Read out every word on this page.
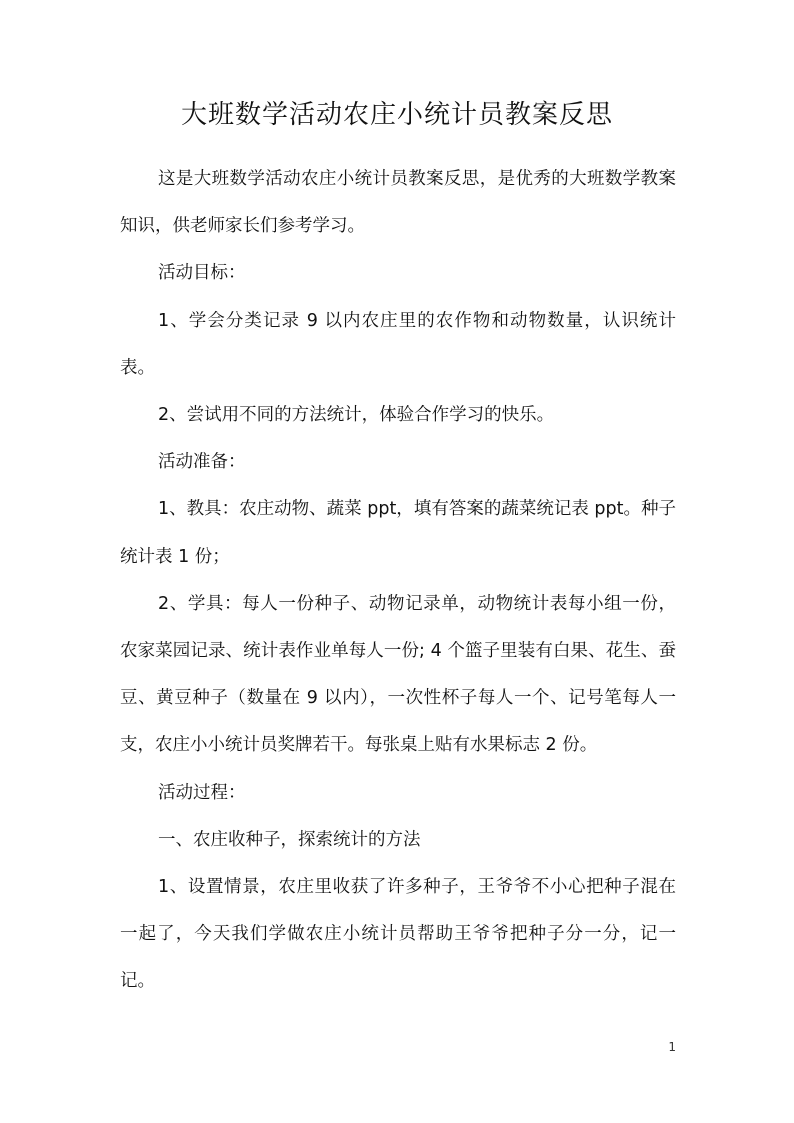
大班数学活动农庄小统计员教案反思

这是大班数学活动农庄小统计员教案反思，是优秀的大班数学教案知识，供老师家长们参考学习。

活动目标：

1、学会分类记录 9 以内农庄里的农作物和动物数量，认识统计表。

2、尝试用不同的方法统计，体验合作学习的快乐。

活动准备：

1、教具：农庄动物、蔬菜 ppt，填有答案的蔬菜统记表 ppt。种子统计表 1 份；

2、学具：每人一份种子、动物记录单，动物统计表每小组一份，农家菜园记录、统计表作业单每人一份; 4 个篮子里装有白果、花生、蚕豆、黄豆种子（数量在 9 以内），一次性杯子每人一个、记号笔每人一支，农庄小小统计员奖牌若干。每张桌上贴有水果标志 2 份。

活动过程：

一、农庄收种子，探索统计的方法

1、设置情景，农庄里收获了许多种子，王爷爷不小心把种子混在一起了，今天我们学做农庄小统计员帮助王爷爷把种子分一分，记一记。

1
